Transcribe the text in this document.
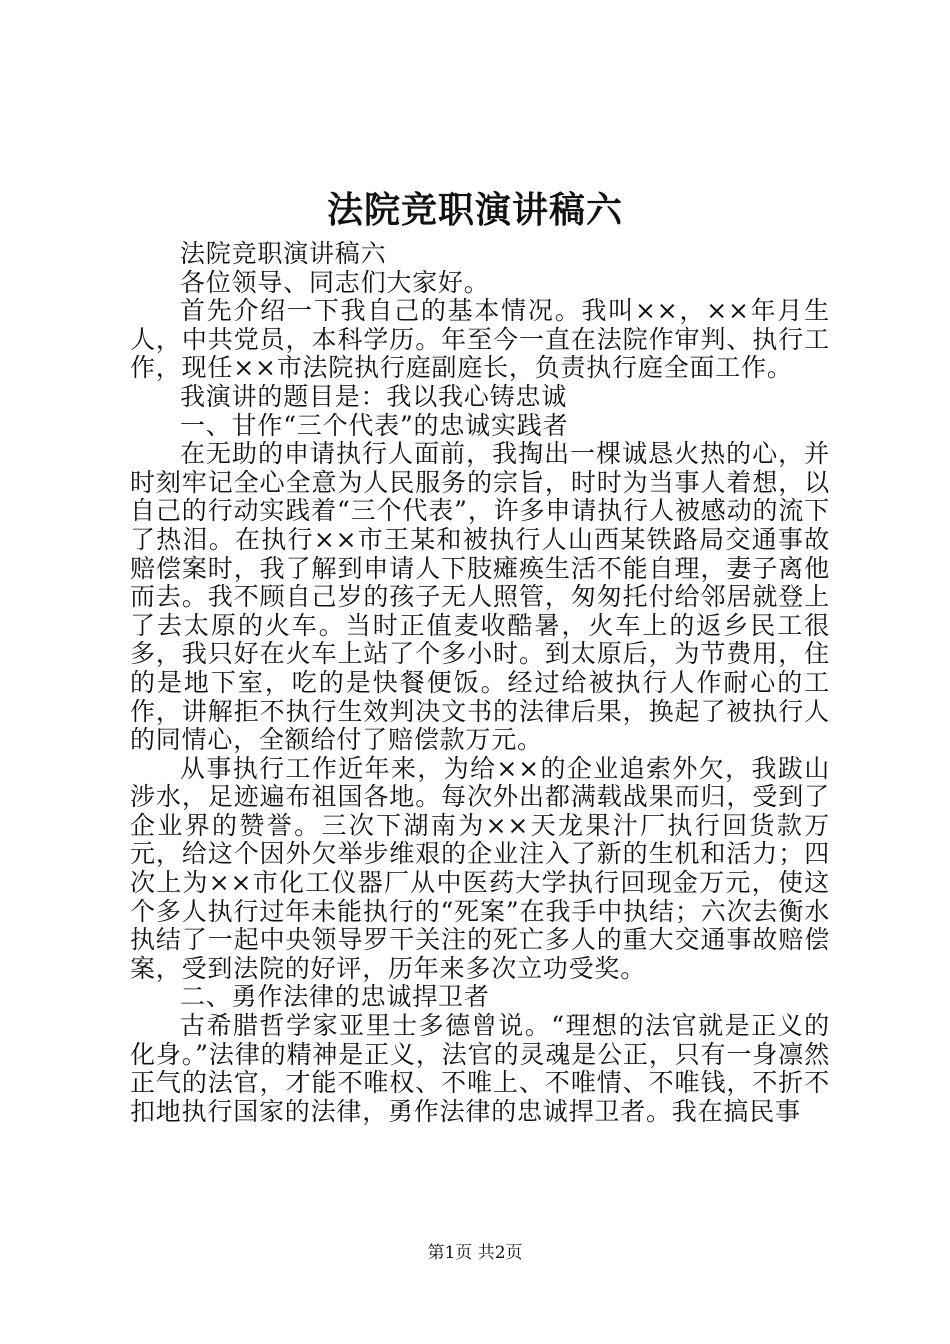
法院竞职演讲稿六

法院竞职演讲稿六

各位领导、同志们大家好。

首先介绍一下我自己的基本情况。我叫××，××年月生人，中共党员，本科学历。年至今一直在法院作审判、执行工作，现任××市法院执行庭副庭长，负责执行庭全面工作。

我演讲的题目是：我以我心铸忠诚

一、甘作“三个代表”的忠诚实践者

在无助的申请执行人面前，我掏出一棵诚恳火热的心，并时刻牢记全心全意为人民服务的宗旨，时时为当事人着想，以自己的行动实践着“三个代表”，许多申请执行人被感动的流下了热泪。在执行××市王某和被执行人山西某铁路局交通事故赔偿案时，我了解到申请人下肢瘫痪生活不能自理，妻子离他而去。我不顾自己岁的孩子无人照管，匆匆托付给邻居就登上了去太原的火车。当时正值麦收酷暑，火车上的返乡民工很多，我只好在火车上站了个多小时。到太原后，为节费用，住的是地下室，吃的是快餐便饭。经过给被执行人作耐心的工作，讲解拒不执行生效判决文书的法律后果，换起了被执行人的同情心，全额给付了赔偿款万元。

从事执行工作近年来，为给××的企业追索外欠，我跋山涉水，足迹遍布祖国各地。每次外出都满载战果而归，受到了企业界的赞誉。三次下湖南为××天龙果汁厂执行回货款万元，给这个因外欠举步维艰的企业注入了新的生机和活力；四次上为××市化工仪器厂从中医药大学执行回现金万元，使这个多人执行过年未能执行的“死案”在我手中执结；六次去衡水执结了一起中央领导罗干关注的死亡多人的重大交通事故赔偿案，受到法院的好评，历年来多次立功受奖。

二、勇作法律的忠诚捍卫者

古希腊哲学家亚里士多德曾说。“理想的法官就是正义的化身。”法律的精神是正义，法官的灵魂是公正，只有一身凛然正气的法官，才能不唯权、不唯上、不唯情、不唯钱，不折不扣地执行国家的法律，勇作法律的忠诚捍卫者。我在搞民事

第1页 共2页
